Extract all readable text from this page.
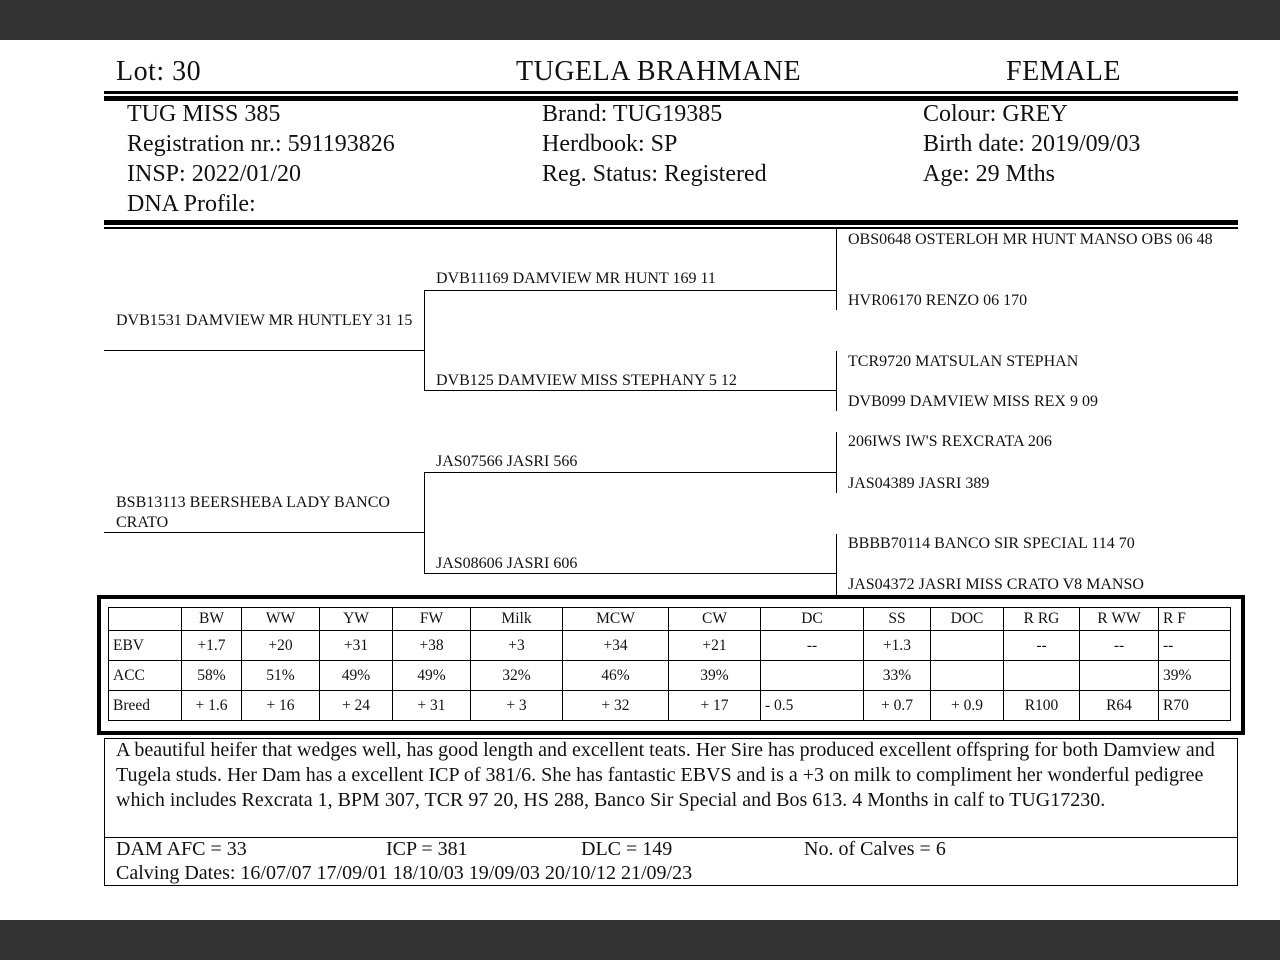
Lot: 30	TUGELA BRAHMANE	FEMALE
TUG MISS 385
Registration nr.: 591193826
INSP: 2022/01/20
DNA Profile:
Brand: TUG19385
Herdbook: SP
Reg. Status: Registered
Colour: GREY
Birth date: 2019/09/03
Age: 29 Mths
DVB1531 DAMVIEW MR HUNTLEY 31 15
BSB13113 BEERSHEBA LADY BANCO CRATO
DVB11169 DAMVIEW MR HUNT 169 11
DVB125 DAMVIEW MISS STEPHANY 5 12
JAS07566 JASRI 566
JAS08606 JASRI 606
OBS0648 OSTERLOH MR HUNT MANSO OBS 06 48
HVR06170 RENZO 06 170
TCR9720 MATSULAN STEPHAN
DVB099 DAMVIEW MISS REX 9 09
206IWS IW'S REXCRATA 206
JAS04389 JASRI 389
BBBB70114 BANCO SIR SPECIAL 114 70
JAS04372 JASRI MISS CRATO V8 MANSO
	BW	WW	YW	FW	Milk	MCW	CW	DC	SS	DOC	R RG	R WW	R F
EBV	+1.7	+20	+31	+38	+3	+34	+21	--	+1.3		--	--	--
ACC	58%	51%	49%	49%	32%	46%	39%		33%				39%
Breed	+ 1.6	+ 16	+ 24	+ 31	+ 3	+ 32	+ 17	- 0.5	+ 0.7	+ 0.9	R100	R64	R70
A beautiful heifer that wedges well, has good length and excellent teats. Her Sire has produced excellent offspring for both Damview and Tugela studs. Her Dam has a excellent ICP of 381/6. She has fantastic EBVS and is a +3 on milk to compliment her wonderful pedigree which includes Rexcrata 1, BPM 307, TCR 97 20, HS 288, Banco Sir Special and Bos 613. 4 Months in calf to TUG17230.
DAM AFC = 33	ICP = 381	DLC = 149	No. of Calves = 6
Calving Dates: 16/07/07 17/09/01 18/10/03 19/09/03 20/10/12 21/09/23
